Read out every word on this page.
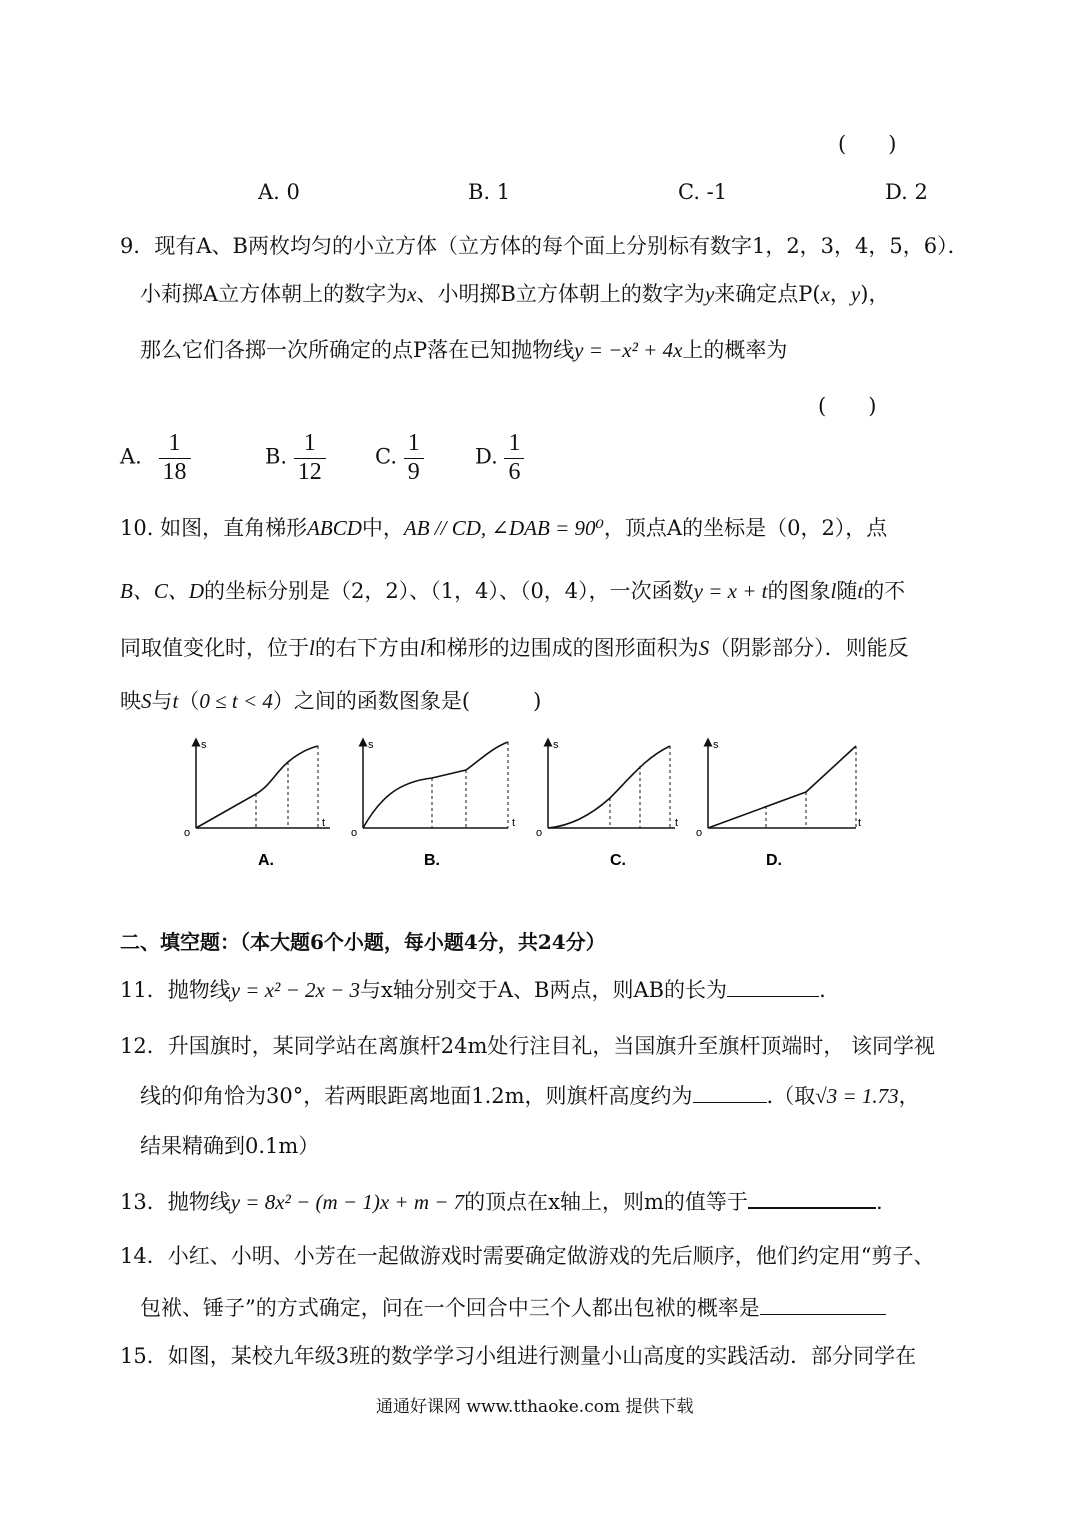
(　　)
A. 0	B. 1	C. -1	D. 2
9．现有A、B两枚均匀的小立方体（立方体的每个面上分别标有数字1，2，3，4，5，6）．
小莉掷A立方体朝上的数字为x、小明掷B立方体朝上的数字为y来确定点P(x，y)，
那么它们各掷一次所确定的点P落在已知抛物线y = −x² + 4x上的概率为
(　　)
A. $\frac{1}{18}$	B. $\frac{1}{12} C$. $\frac{1}{9} D$. $\frac{1}{6}$
10. 如图，直角梯形ABCD中，AB // CD, ∠DAB = 90⁰，顶点A的坐标是（0，2），点
B、C、D的坐标分别是（2，2）、（1，4）、（0，4），一次函数y = x + t的图象l随t的不
同取值变化时，位于l的右下方由l和梯形的边围成的图形面积为S（阴影部分）．则能反
映S与t（0 ≤ t < 4）之间的函数图象是(　　　)
s
t
o
A.
s
t
o
B.
s
t
o
C.
s
t
o
D.
二、填空题：（本大题6个小题，每小题4分，共24分）
11．抛物线y = x² − 2x − 3与x轴分别交于A、B两点，则AB的长为	.
12．升国旗时，某同学站在离旗杆24m处行注目礼，当国旗升至旗杆顶端时， 该同学视
线的仰角恰为30°，若两眼距离地面1.2m，则旗杆高度约为	.（取√3 = 1.73，
结果精确到0.1m）
13．抛物线y = 8x² − (m − 1)x + m − 7的顶点在x轴上，则m的值等于	.
14．小红、小明、小芳在一起做游戏时需要确定做游戏的先后顺序，他们约定用“剪子、
包袱、锤子”的方式确定，问在一个回合中三个人都出包袱的概率是
15．如图，某校九年级3班的数学学习小组进行测量小山高度的实践活动．部分同学在
通通好课网 www.tthaoke.com 提供下载
